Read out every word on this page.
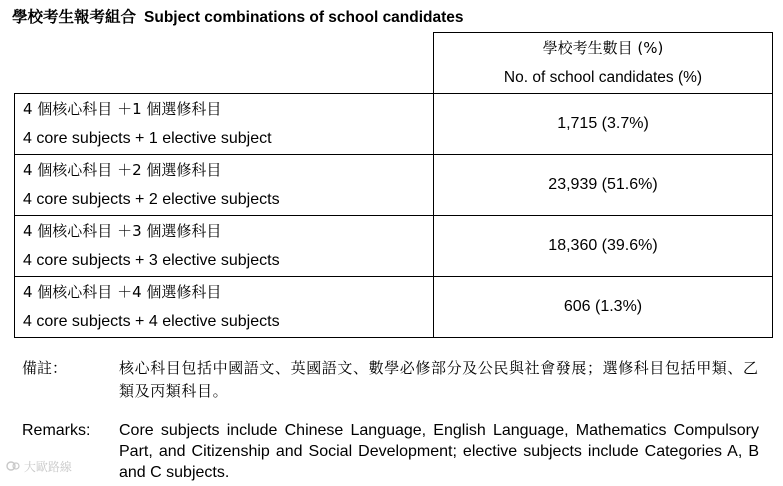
學校考生報考組合 Subject combinations of school candidates

	學校考生數目 (%)
No. of school candidates (%)

4 個核心科目 ＋1 個選修科目
4 core subjects + 1 elective subject	1,715 (3.7%)

4 個核心科目 ＋2 個選修科目
4 core subjects + 2 elective subjects	23,939 (51.6%)

4 個核心科目 ＋3 個選修科目
4 core subjects + 3 elective subjects	18,360 (39.6%)

4 個核心科目 ＋4 個選修科目
4 core subjects + 4 elective subjects	606 (1.3%)
備註：	核心科目包括中國語文、英國語文、數學必修部分及公民與社會發展；選修科目包括甲類、乙類及丙類科目。
Remarks: Core subjects include Chinese Language, English Language, Mathematics Compulsory Part, and Citizenship and Social Development; elective subjects include Categories A, B and C subjects.
大歐路線
